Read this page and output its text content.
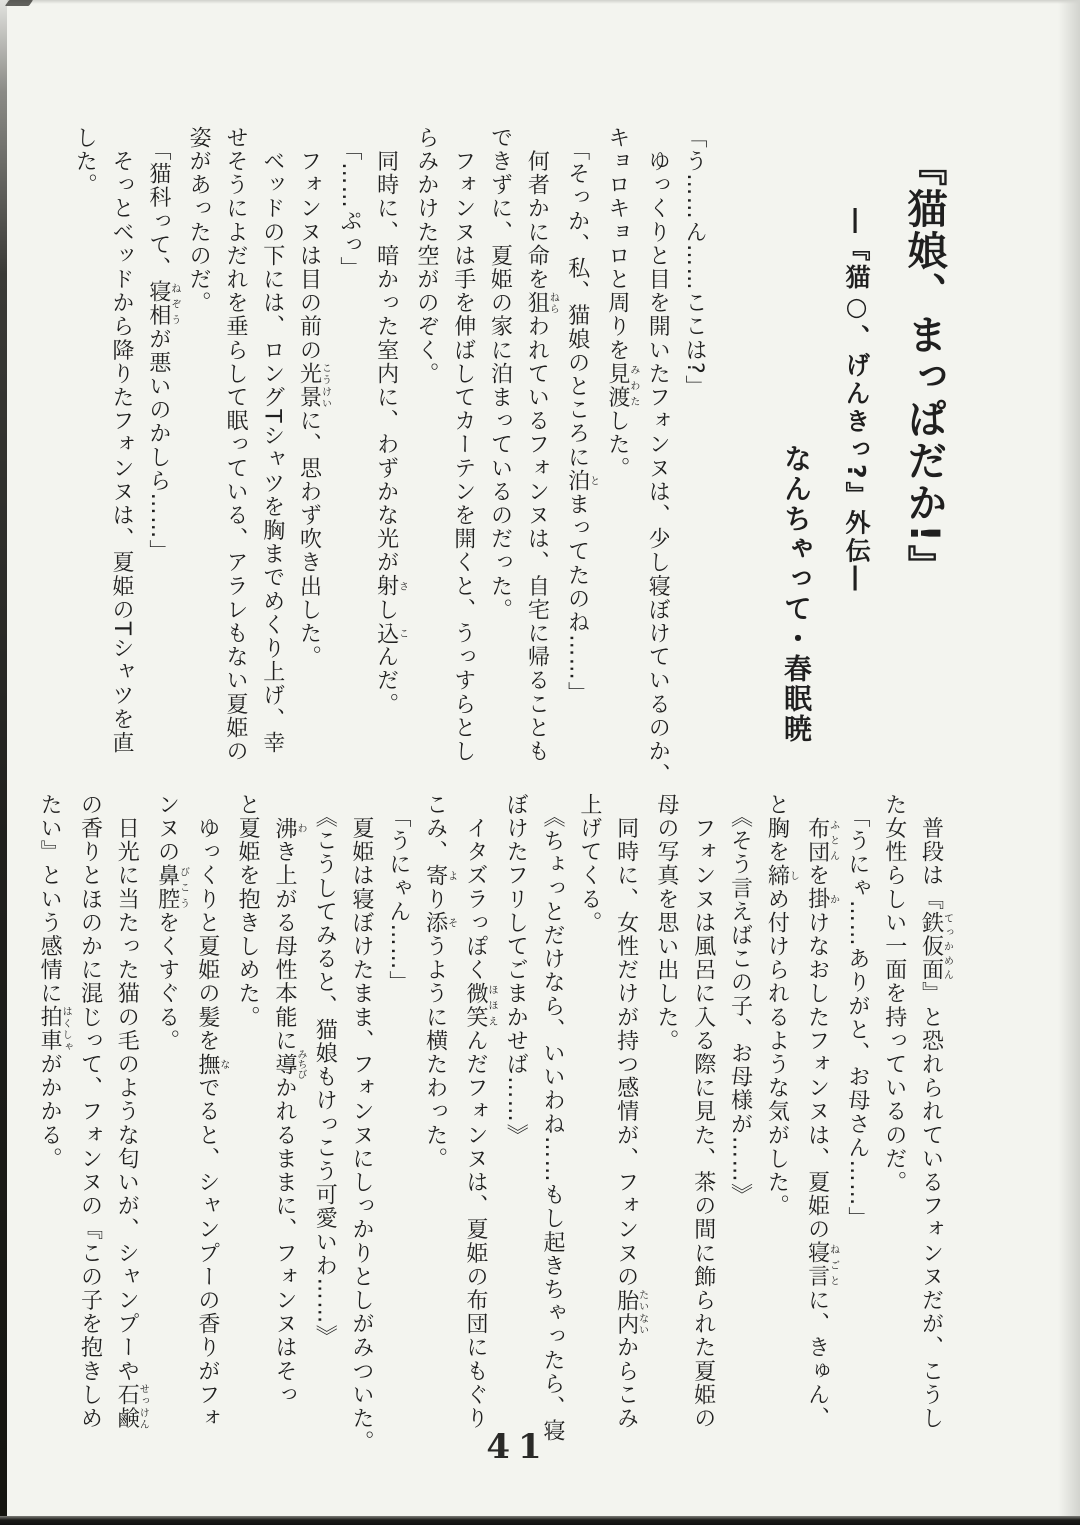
『猫娘、まっぱだか!』
―『猫○、げんきっ?』外伝―
なんちゃって・春眠暁
「う……ん……ここは?」
　ゆっくりと目を開いたフォンヌは、少し寝ぼけているのか、
キョロキョロと周りを見渡みわたした。
　「そっか、私、猫娘のところに泊とまってたのね……」
　何者かに命を狙ねらわれているフォンヌは、自宅に帰ることも
できずに、夏姫の家に泊まっているのだった。
　フォンヌは手を伸ばしてカーテンを開くと、うっすらとし
らみかけた空がのぞく。
　同時に、暗かった室内に、わずかな光が射さし込こんだ。
　「……ぷっ」
　フォンヌは目の前の光景こうけいに、思わず吹き出した。
　ベッドの下には、ロングTシャツを胸までめくり上げ、幸
せそうによだれを垂らして眠っている、アラレもない夏姫の
姿があったのだ。
　「猫科って、寝相ねぞうが悪いのかしら……」
　そっとベッドから降りたフォンヌは、夏姫のTシャツを直
した。
　普段は『鉄仮面てっかめん』と恐れられているフォンヌだが、こうし
た女性らしい一面を持っているのだ。
　「うにゃ……ありがと、お母さん……」
　布団ふとんを掛かけなおしたフォンヌは、夏姫の寝言ねごとに、きゅん、
と胸を締しめ付けられるような気がした。
　《そう言えばこの子、お母様が……》
　フォンヌは風呂に入る際に見た、茶の間に飾られた夏姫の
母の写真を思い出した。
　同時に、女性だけが持つ感情が、フォンヌの胎内たいないからこみ
上げてくる。
　《ちょっとだけなら、いいわね……もし起きちゃったら、寝
ぼけたフリしてごまかせば……》
　イタズラっぽく微笑ほほえんだフォンヌは、夏姫の布団にもぐり
こみ、寄より添そうように横たわった。
　「うにゃん……」
　夏姫は寝ぼけたまま、フォンヌにしっかりとしがみついた。
　《こうしてみると、猫娘もけっこう可愛いわ……》
　沸わき上がる母性本能に導みちびかれるままに、フォンヌはそっ
と夏姫を抱きしめた。
　ゆっくりと夏姫の髪を撫なでると、シャンプーの香りがフォ
ンヌの鼻腔びこうをくすぐる。
　日光に当たった猫の毛のような匂いが、シャンプーや石鹸せっけん
の香りとほのかに混じって、フォンヌの『この子を抱きしめ
たい』という感情に拍車はくしゃがかかる。
41
